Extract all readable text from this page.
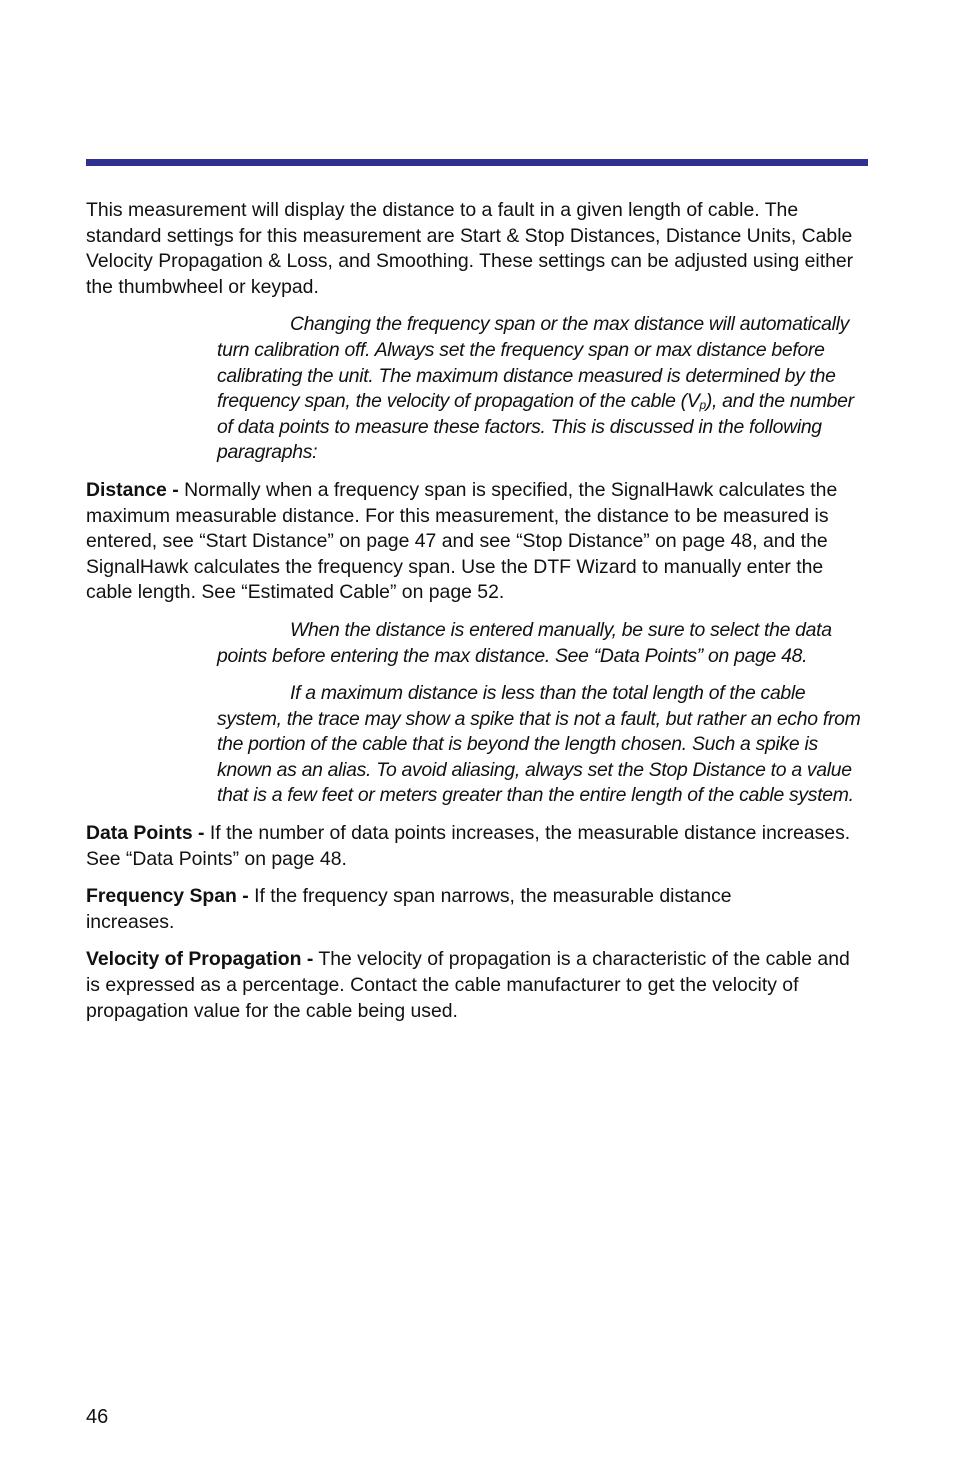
This measurement will display the distance to a fault in a given length of cable. The standard settings for this measurement are Start & Stop Distances, Distance Units, Cable Velocity Propagation & Loss, and Smoothing. These settings can be adjusted using either the thumbwheel or keypad.

Changing the frequency span or the max distance will automatically turn calibration off. Always set the frequency span or max distance before calibrating the unit. The maximum distance measured is determined by the frequency span, the velocity of propagation of the cable $(V_p)$, and the number of data points to measure these factors. This is discussed in the following paragraphs:

Distance - Normally when a frequency span is specified, the SignalHawk calculates the maximum measurable distance. For this measurement, the distance to be measured is entered, see “Start Distance” on page 47 and see “Stop Distance” on page 48, and the SignalHawk calculates the frequency span. Use the DTF Wizard to manually enter the cable length. See “Estimated Cable” on page 52.

When the distance is entered manually, be sure to select the data points before entering the max distance. See “Data Points” on page 48.

If a maximum distance is less than the total length of the cable system, the trace may show a spike that is not a fault, but rather an echo from the portion of the cable that is beyond the length chosen. Such a spike is known as an alias. To avoid aliasing, always set the Stop Distance to a value that is a few feet or meters greater than the entire length of the cable system.

Data Points - If the number of data points increases, the measurable distance increases. See “Data Points” on page 48.

Frequency Span - If the frequency span narrows, the measurable distance increases.

Velocity of Propagation - The velocity of propagation is a characteristic of the cable and is expressed as a percentage. Contact the cable manufacturer to get the velocity of propagation value for the cable being used.

46
